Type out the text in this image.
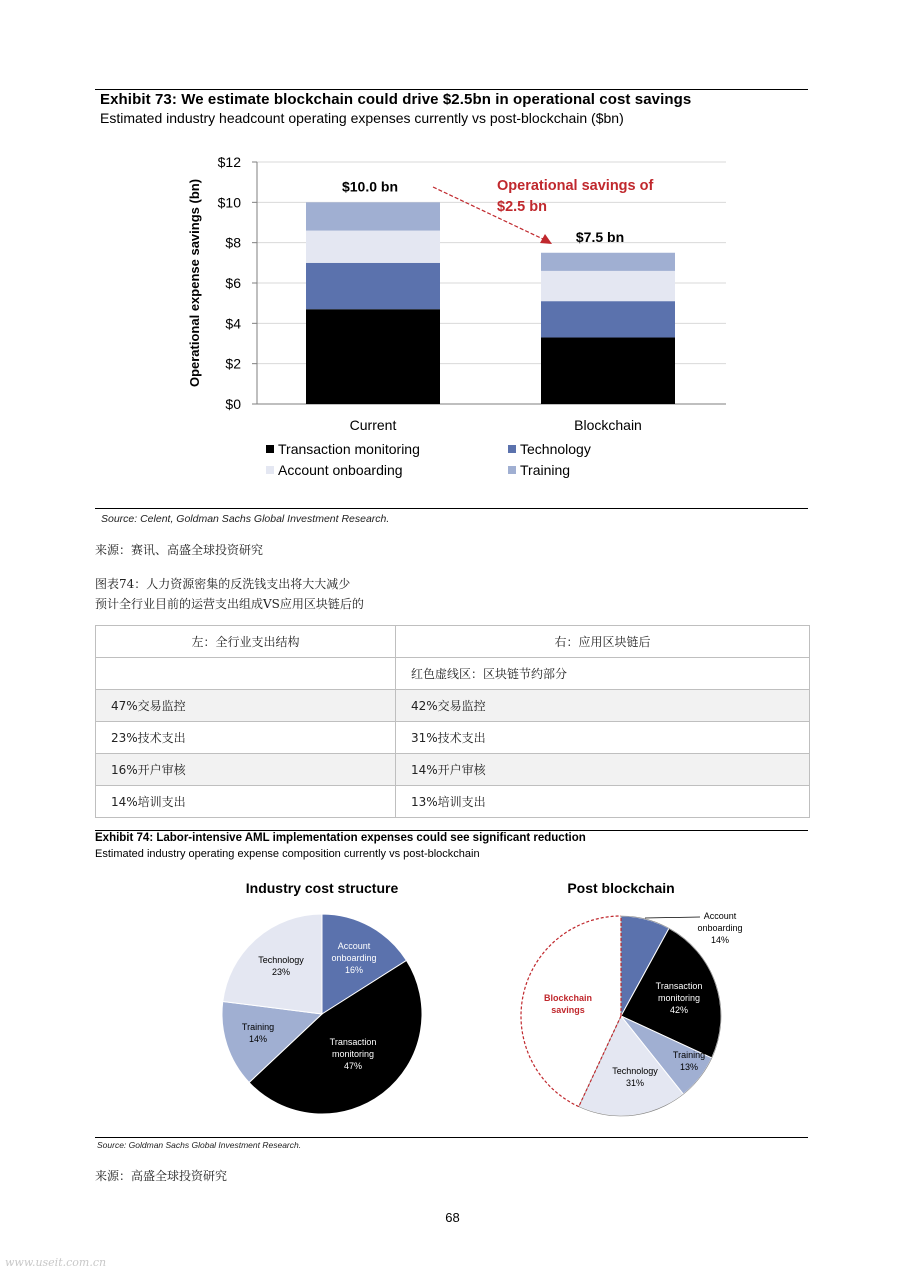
Exhibit 73: We estimate blockchain could drive $2.5bn in operational cost savings
Estimated industry headcount operating expenses currently vs post-blockchain ($bn)
$0
$2
$4
$6
$8
$10
$12
Operational expense savings (bn)
Current
$10.0 bn
Blockchain
$7.5 bn
Operational savings of
$2.5 bn
Transaction monitoring	Technology
Account onboarding	Training
Source: Celent, Goldman Sachs Global Investment Research.
来源：赛讯、高盛全球投资研究
图表74：人力资源密集的反洗钱支出将大大减少
预计全行业目前的运营支出组成VS应用区块链后的
左：全行业支出结构	右：应用区块链后
	红色虚线区：区块链节约部分
47%交易监控	42%交易监控
23%技术支出	31%技术支出
16%开户审核	14%开户审核
14%培训支出	13%培训支出
Exhibit 74: Labor-intensive AML implementation expenses could see significant reduction
Estimated industry operating expense composition currently vs post-blockchain
Industry cost structure
Account
onboarding
16%
Transaction
monitoring
47%
Training
14%
Technology
23%
Post blockchain
Blockchain
savings
Account
onboarding
14%
Transaction
monitoring
42%
Training
13%
Technology
31%
Source: Goldman Sachs Global Investment Research.
来源：高盛全球投资研究
68
www.useit.com.cn
